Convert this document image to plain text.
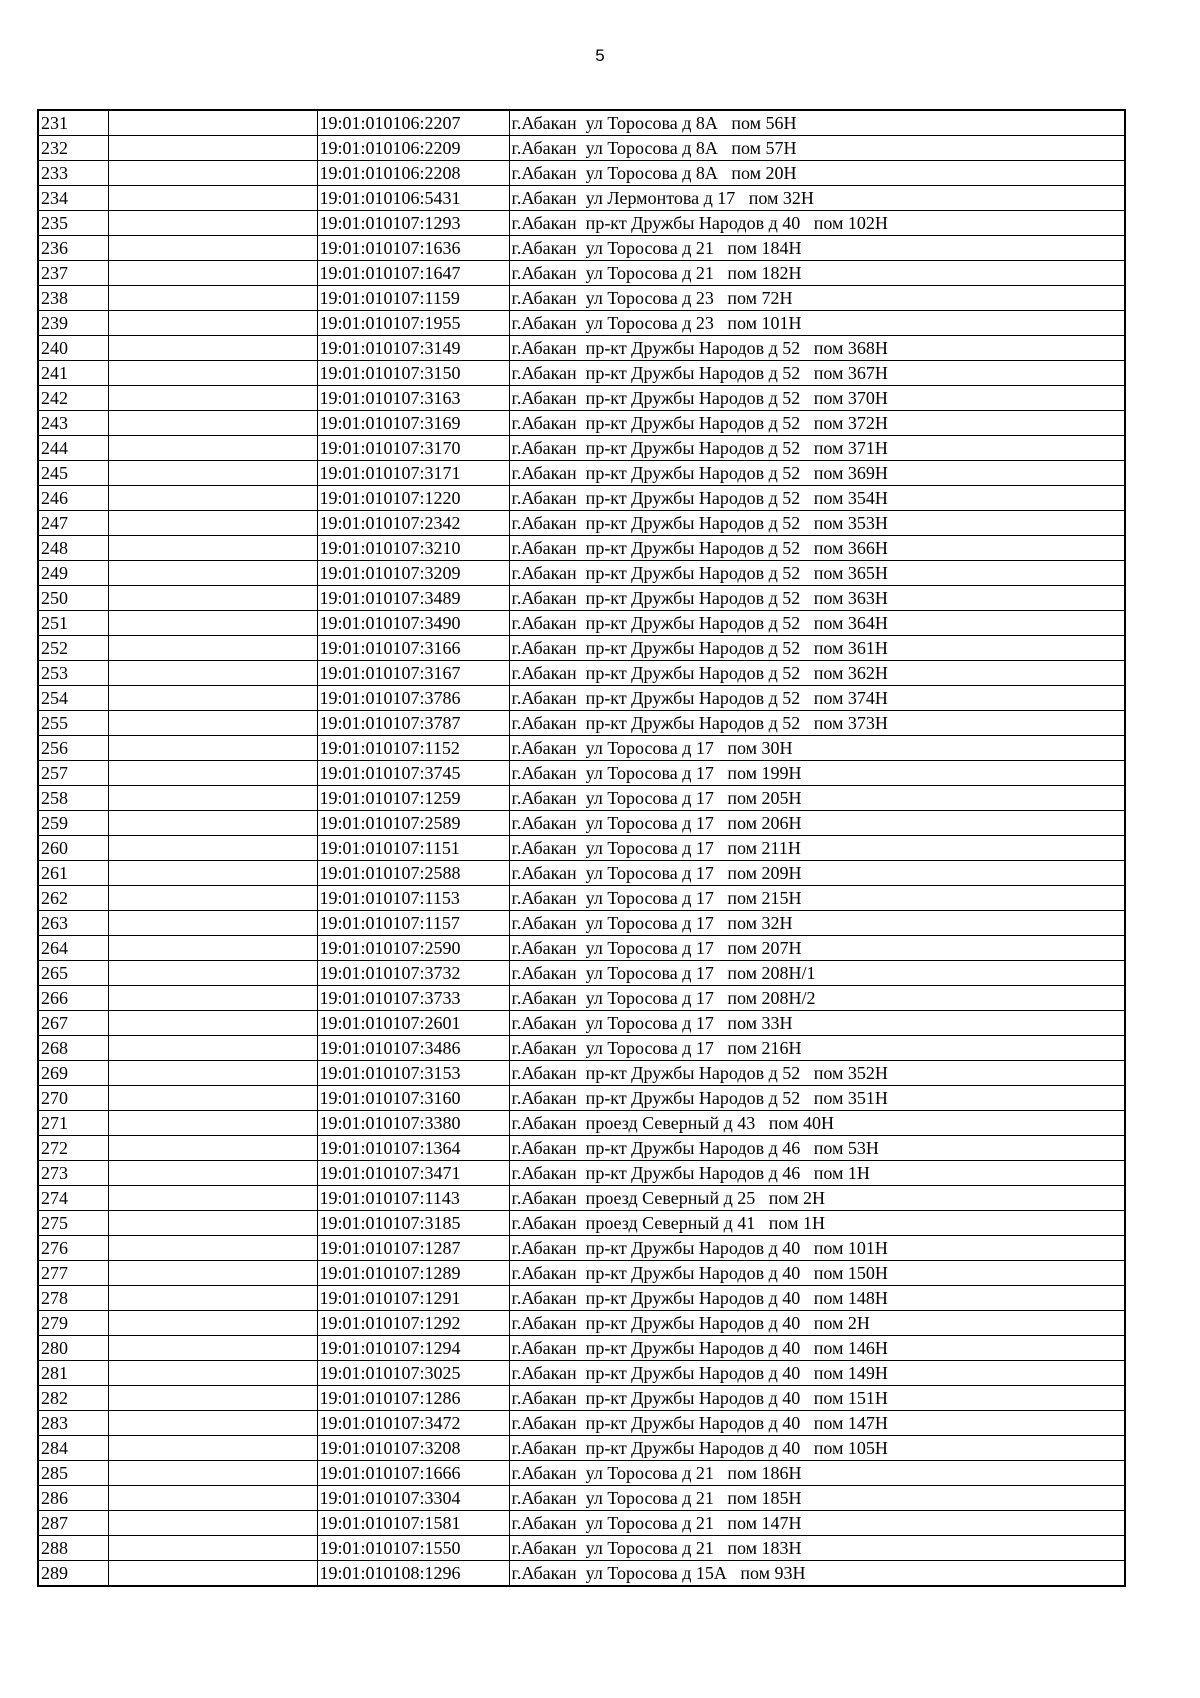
5
231		19:01:010106:2207	г.Абакан  ул Торосова д 8А   пом 56Н
232		19:01:010106:2209	г.Абакан  ул Торосова д 8А   пом 57Н
233		19:01:010106:2208	г.Абакан  ул Торосова д 8А   пом 20Н
234		19:01:010106:5431	г.Абакан  ул Лермонтова д 17   пом 32Н
235		19:01:010107:1293	г.Абакан  пр-кт Дружбы Народов д 40   пом 102Н
236		19:01:010107:1636	г.Абакан  ул Торосова д 21   пом 184Н
237		19:01:010107:1647	г.Абакан  ул Торосова д 21   пом 182Н
238		19:01:010107:1159	г.Абакан  ул Торосова д 23   пом 72Н
239		19:01:010107:1955	г.Абакан  ул Торосова д 23   пом 101Н
240		19:01:010107:3149	г.Абакан  пр-кт Дружбы Народов д 52   пом 368Н
241		19:01:010107:3150	г.Абакан  пр-кт Дружбы Народов д 52   пом 367Н
242		19:01:010107:3163	г.Абакан  пр-кт Дружбы Народов д 52   пом 370Н
243		19:01:010107:3169	г.Абакан  пр-кт Дружбы Народов д 52   пом 372Н
244		19:01:010107:3170	г.Абакан  пр-кт Дружбы Народов д 52   пом 371Н
245		19:01:010107:3171	г.Абакан  пр-кт Дружбы Народов д 52   пом 369Н
246		19:01:010107:1220	г.Абакан  пр-кт Дружбы Народов д 52   пом 354Н
247		19:01:010107:2342	г.Абакан  пр-кт Дружбы Народов д 52   пом 353Н
248		19:01:010107:3210	г.Абакан  пр-кт Дружбы Народов д 52   пом 366Н
249		19:01:010107:3209	г.Абакан  пр-кт Дружбы Народов д 52   пом 365Н
250		19:01:010107:3489	г.Абакан  пр-кт Дружбы Народов д 52   пом 363Н
251		19:01:010107:3490	г.Абакан  пр-кт Дружбы Народов д 52   пом 364Н
252		19:01:010107:3166	г.Абакан  пр-кт Дружбы Народов д 52   пом 361Н
253		19:01:010107:3167	г.Абакан  пр-кт Дружбы Народов д 52   пом 362Н
254		19:01:010107:3786	г.Абакан  пр-кт Дружбы Народов д 52   пом 374Н
255		19:01:010107:3787	г.Абакан  пр-кт Дружбы Народов д 52   пом 373Н
256		19:01:010107:1152	г.Абакан  ул Торосова д 17   пом 30Н
257		19:01:010107:3745	г.Абакан  ул Торосова д 17   пом 199Н
258		19:01:010107:1259	г.Абакан  ул Торосова д 17   пом 205Н
259		19:01:010107:2589	г.Абакан  ул Торосова д 17   пом 206Н
260		19:01:010107:1151	г.Абакан  ул Торосова д 17   пом 211Н
261		19:01:010107:2588	г.Абакан  ул Торосова д 17   пом 209Н
262		19:01:010107:1153	г.Абакан  ул Торосова д 17   пом 215Н
263		19:01:010107:1157	г.Абакан  ул Торосова д 17   пом 32Н
264		19:01:010107:2590	г.Абакан  ул Торосова д 17   пом 207Н
265		19:01:010107:3732	г.Абакан  ул Торосова д 17   пом 208Н/1
266		19:01:010107:3733	г.Абакан  ул Торосова д 17   пом 208Н/2
267		19:01:010107:2601	г.Абакан  ул Торосова д 17   пом 33Н
268		19:01:010107:3486	г.Абакан  ул Торосова д 17   пом 216Н
269		19:01:010107:3153	г.Абакан  пр-кт Дружбы Народов д 52   пом 352Н
270		19:01:010107:3160	г.Абакан  пр-кт Дружбы Народов д 52   пом 351Н
271		19:01:010107:3380	г.Абакан  проезд Северный д 43   пом 40Н
272		19:01:010107:1364	г.Абакан  пр-кт Дружбы Народов д 46   пом 53Н
273		19:01:010107:3471	г.Абакан  пр-кт Дружбы Народов д 46   пом 1Н
274		19:01:010107:1143	г.Абакан  проезд Северный д 25   пом 2Н
275		19:01:010107:3185	г.Абакан  проезд Северный д 41   пом 1Н
276		19:01:010107:1287	г.Абакан  пр-кт Дружбы Народов д 40   пом 101Н
277		19:01:010107:1289	г.Абакан  пр-кт Дружбы Народов д 40   пом 150Н
278		19:01:010107:1291	г.Абакан  пр-кт Дружбы Народов д 40   пом 148Н
279		19:01:010107:1292	г.Абакан  пр-кт Дружбы Народов д 40   пом 2Н
280		19:01:010107:1294	г.Абакан  пр-кт Дружбы Народов д 40   пом 146Н
281		19:01:010107:3025	г.Абакан  пр-кт Дружбы Народов д 40   пом 149Н
282		19:01:010107:1286	г.Абакан  пр-кт Дружбы Народов д 40   пом 151Н
283		19:01:010107:3472	г.Абакан  пр-кт Дружбы Народов д 40   пом 147Н
284		19:01:010107:3208	г.Абакан  пр-кт Дружбы Народов д 40   пом 105Н
285		19:01:010107:1666	г.Абакан  ул Торосова д 21   пом 186Н
286		19:01:010107:3304	г.Абакан  ул Торосова д 21   пом 185Н
287		19:01:010107:1581	г.Абакан  ул Торосова д 21   пом 147Н
288		19:01:010107:1550	г.Абакан  ул Торосова д 21   пом 183Н
289		19:01:010108:1296	г.Абакан  ул Торосова д 15А   пом 93Н
